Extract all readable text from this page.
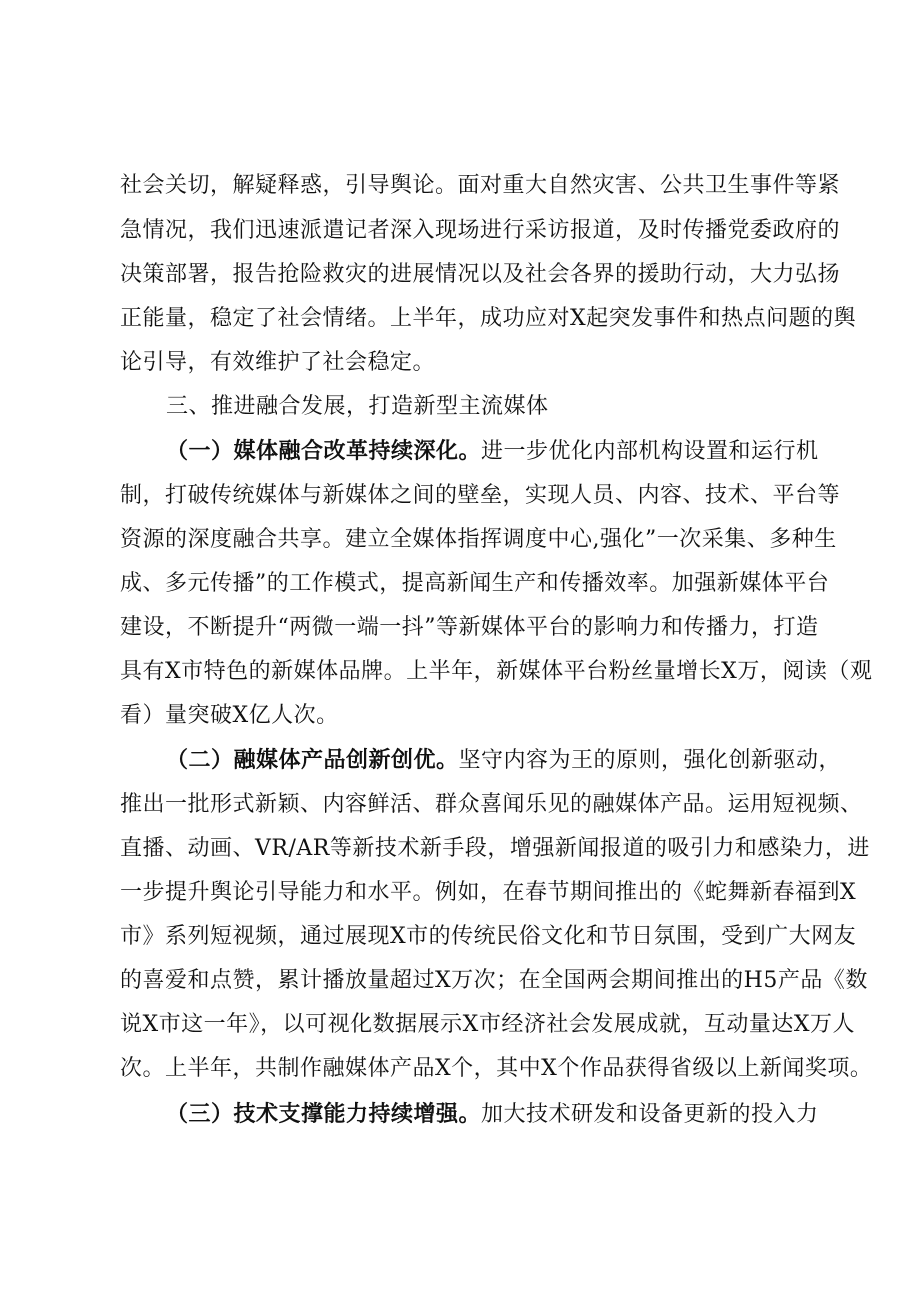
社会关切，解疑释惑，引导舆论。面对重大自然灾害、公共卫生事件等紧
急情况，我们迅速派遣记者深入现场进行采访报道，及时传播党委政府的
决策部署，报告抢险救灾的进展情况以及社会各界的援助行动，大力弘扬
正能量，稳定了社会情绪。上半年，成功应对X起突发事件和热点问题的舆
论引导，有效维护了社会稳定。
三、推进融合发展，打造新型主流媒体
（一）媒体融合改革持续深化。进一步优化内部机构设置和运行机
制，打破传统媒体与新媒体之间的壁垒，实现人员、内容、技术、平台等
资源的深度融合共享。建立全媒体指挥调度中心,强化”一次采集、多种生
成、多元传播”的工作模式，提高新闻生产和传播效率。加强新媒体平台
建设，不断提升“两微一端一抖”等新媒体平台的影响力和传播力，打造
具有X市特色的新媒体品牌。上半年，新媒体平台粉丝量增长X万，阅读（观
看）量突破X亿人次。
（二）融媒体产品创新创优。坚守内容为王的原则，强化创新驱动，
推出一批形式新颖、内容鲜活、群众喜闻乐见的融媒体产品。运用短视频、
直播、动画、VR/AR等新技术新手段，增强新闻报道的吸引力和感染力，进
一步提升舆论引导能力和水平。例如，在春节期间推出的《蛇舞新春福到X
市》系列短视频，通过展现X市的传统民俗文化和节日氛围，受到广大网友
的喜爱和点赞，累计播放量超过X万次；在全国两会期间推出的H5产品《数
说X市这一年》，以可视化数据展示X市经济社会发展成就，互动量达X万人
次。上半年，共制作融媒体产品X个，其中X个作品获得省级以上新闻奖项。
（三）技术支撑能力持续增强。加大技术研发和设备更新的投入力
